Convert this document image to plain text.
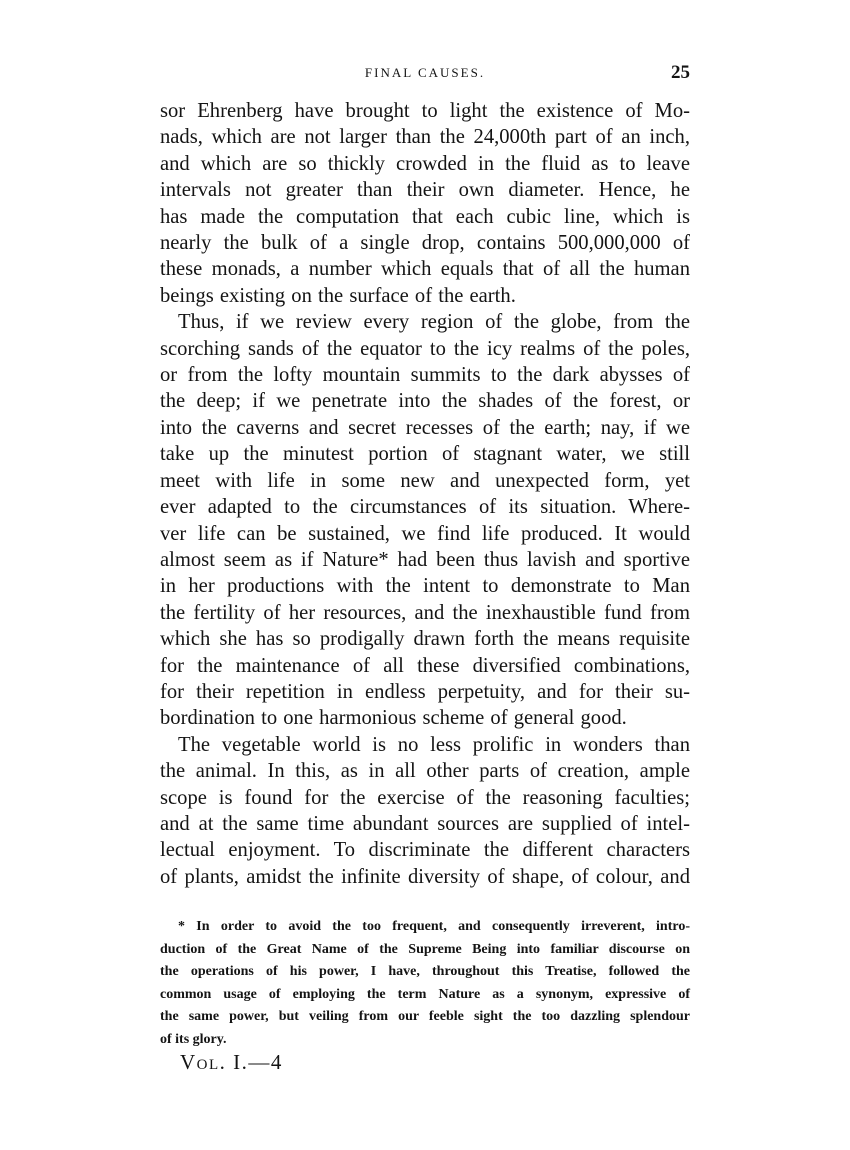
FINAL CAUSES.	25

sor Ehrenberg have brought to light the existence of Mo-
nads, which are not larger than the 24,000th part of an inch,
and which are so thickly crowded in the fluid as to leave
intervals not greater than their own diameter. Hence, he
has made the computation that each cubic line, which is
nearly the bulk of a single drop, contains 500,000,000 of
these monads, a number which equals that of all the human
beings existing on the surface of the earth.

Thus, if we review every region of the globe, from the
scorching sands of the equator to the icy realms of the poles,
or from the lofty mountain summits to the dark abysses of
the deep; if we penetrate into the shades of the forest, or
into the caverns and secret recesses of the earth; nay, if we
take up the minutest portion of stagnant water, we still
meet with life in some new and unexpected form, yet
ever adapted to the circumstances of its situation. Where-
ver life can be sustained, we find life produced. It would
almost seem as if Nature* had been thus lavish and sportive
in her productions with the intent to demonstrate to Man
the fertility of her resources, and the inexhaustible fund from
which she has so prodigally drawn forth the means requisite
for the maintenance of all these diversified combinations,
for their repetition in endless perpetuity, and for their su-
bordination to one harmonious scheme of general good.

The vegetable world is no less prolific in wonders than
the animal. In this, as in all other parts of creation, ample
scope is found for the exercise of the reasoning faculties;
and at the same time abundant sources are supplied of intel-
lectual enjoyment. To discriminate the different characters
of plants, amidst the infinite diversity of shape, of colour, and

* In order to avoid the too frequent, and consequently irreverent, intro-
duction of the Great Name of the Supreme Being into familiar discourse on
the operations of his power, I have, throughout this Treatise, followed the
common usage of employing the term Nature as a synonym, expressive of
the same power, but veiling from our feeble sight the too dazzling splendour
of its glory.
Vol. I.—4
